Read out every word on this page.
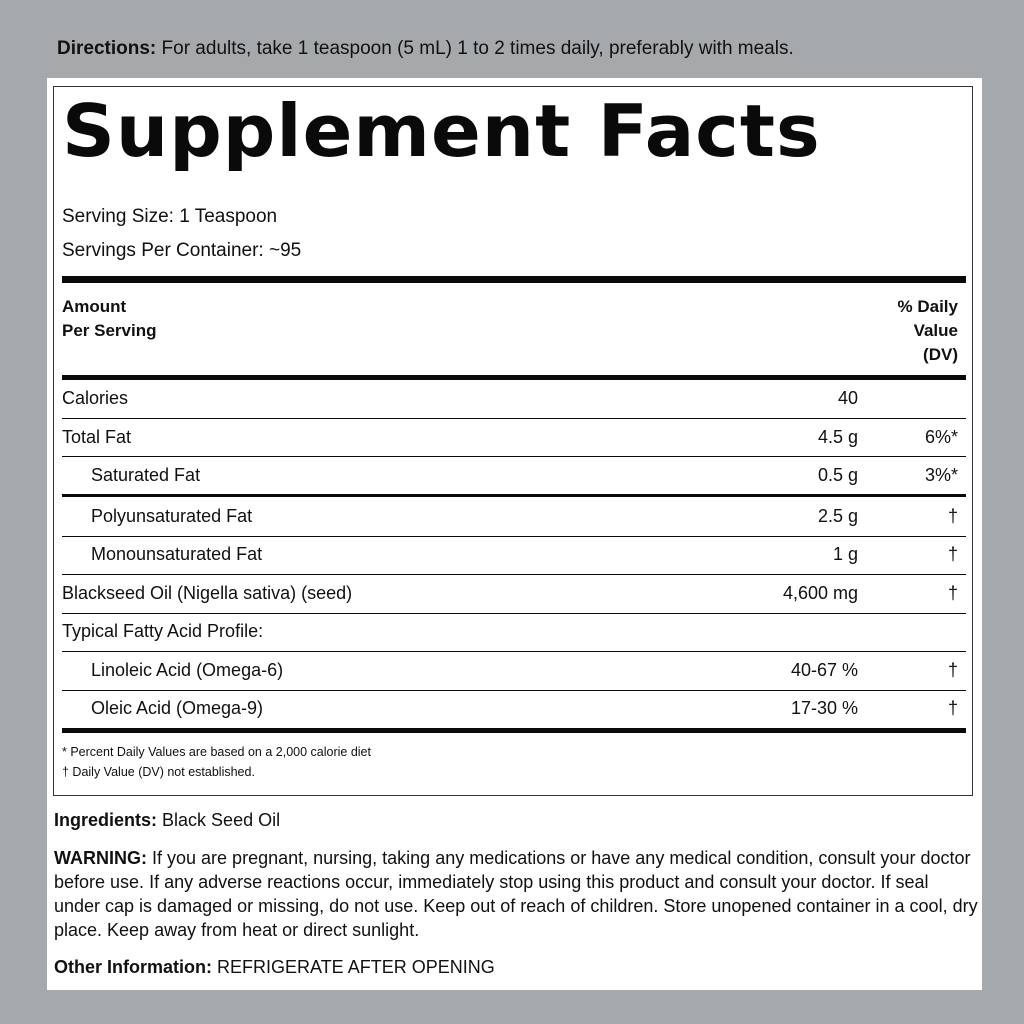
Directions: For adults, take 1 teaspoon (5 mL) 1 to 2 times daily, preferably with meals.
Supplement Facts
Serving Size: 1 Teaspoon
Servings Per Container: ~95
Amount
Per Serving
% Daily
Value
(DV)
Calories	40
Total Fat	4.5 g	6%*
Saturated Fat	0.5 g	3%*
Polyunsaturated Fat	2.5 g	†
Monounsaturated Fat	1 g	†
Blackseed Oil (Nigella sativa) (seed)	4,600 mg	†
Typical Fatty Acid Profile:
Linoleic Acid (Omega-6)	40-67 %	†
Oleic Acid (Omega-9)	17-30 %	†
* Percent Daily Values are based on a 2,000 calorie diet
† Daily Value (DV) not established.
Ingredients: Black Seed Oil
WARNING: If you are pregnant, nursing, taking any medications or have any medical condition, consult your doctor before use. If any adverse reactions occur, immediately stop using this product and consult your doctor. If seal under cap is damaged or missing, do not use. Keep out of reach of children. Store unopened container in a cool, dry place. Keep away from heat or direct sunlight.
Other Information: REFRIGERATE AFTER OPENING
